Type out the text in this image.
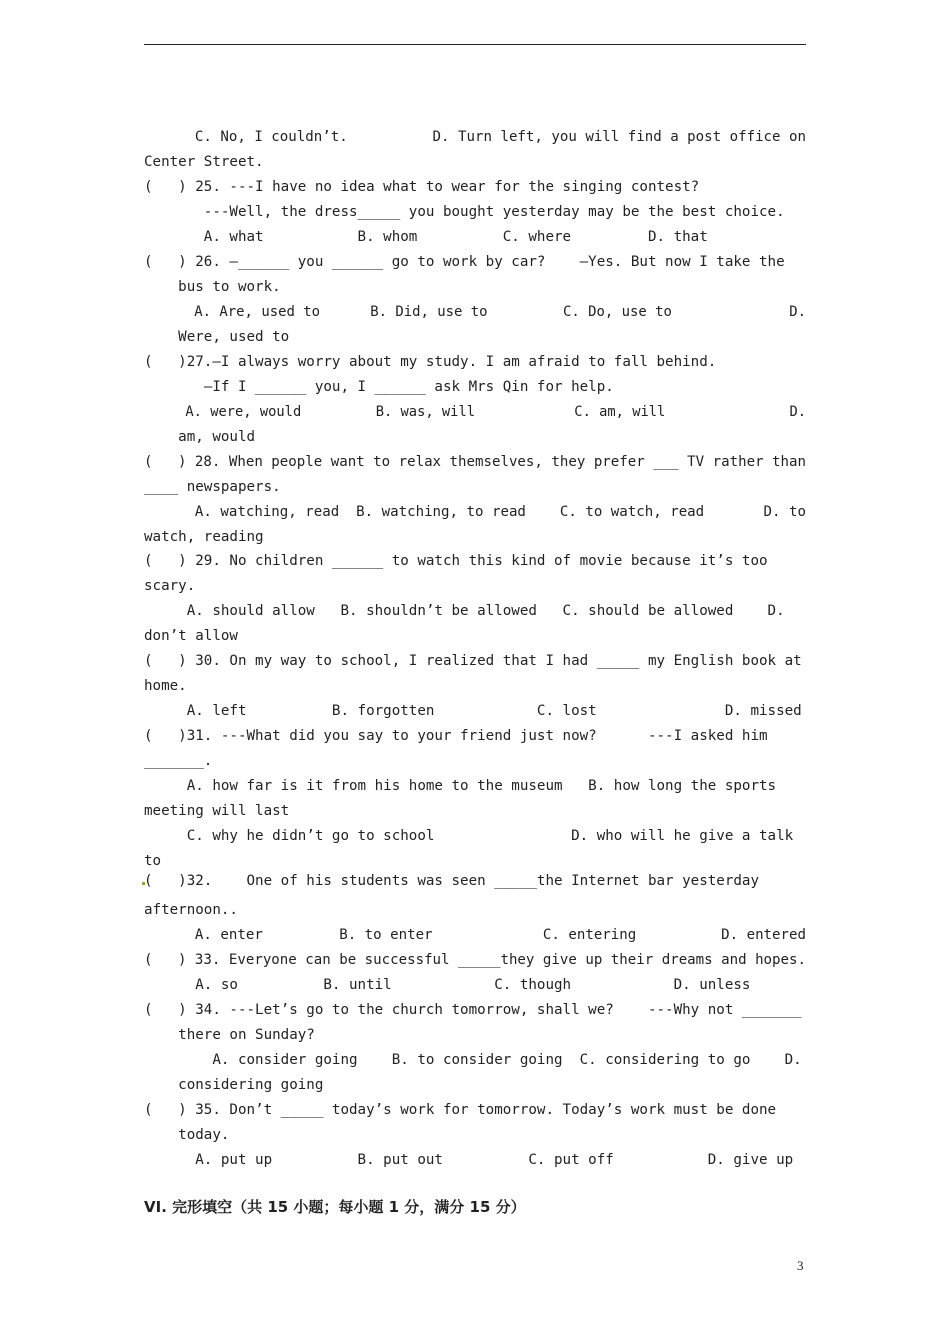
C. No, I couldn’t.          D. Turn left, you will find a post office on
Center Street.
(   ) 25. ---I have no idea what to wear for the singing contest?
---Well, the dress_____ you bought yesterday may be the best choice.
A. what           B. whom          C. where         D. that
(   ) 26. —______ you ______ go to work by car?    —Yes. But now I take the
bus to work.
A. Are, used to      B. Did, use to         C. Do, use to              D.
Were, used to
(   )27.—I always worry about my study. I am afraid to fall behind.
—If I ______ you, I ______ ask Mrs Qin for help.
A. were, would         B. was, will            C. am, will               D.
am, would
(   ) 28. When people want to relax themselves, they prefer ___ TV rather than
____ newspapers.
A. watching, read  B. watching, to read    C. to watch, read       D. to
watch, reading
(   ) 29. No children ______ to watch this kind of movie because it’s too
scary.
A. should allow   B. shouldn’t be allowed   C. should be allowed    D.
don’t allow
(   ) 30. On my way to school, I realized that I had _____ my English book at
home.
A. left          B. forgotten            C. lost               D. missed
(   )31. ---What did you say to your friend just now?      ---I asked him
_______.
A. how far is it from his home to the museum   B. how long the sports
meeting will last
C. why he didn’t go to school                D. who will he give a talk
to
(   )32.    One of his students was seen _____the Internet bar yesterday
afternoon..
A. enter         B. to enter             C. entering          D. entered
(   ) 33. Everyone can be successful _____they give up their dreams and hopes.
A. so          B. until            C. though            D. unless
(   ) 34. ---Let’s go to the church tomorrow, shall we?    ---Why not _______
there on Sunday?
A. consider going    B. to consider going  C. considering to go    D.
considering going
(   ) 35. Don’t _____ today’s work for tomorrow. Today’s work must be done
today.
A. put up          B. put out          C. put off           D. give up
VI. 完形填空（共 15 小题；每小题 1 分，满分 15 分）
3
